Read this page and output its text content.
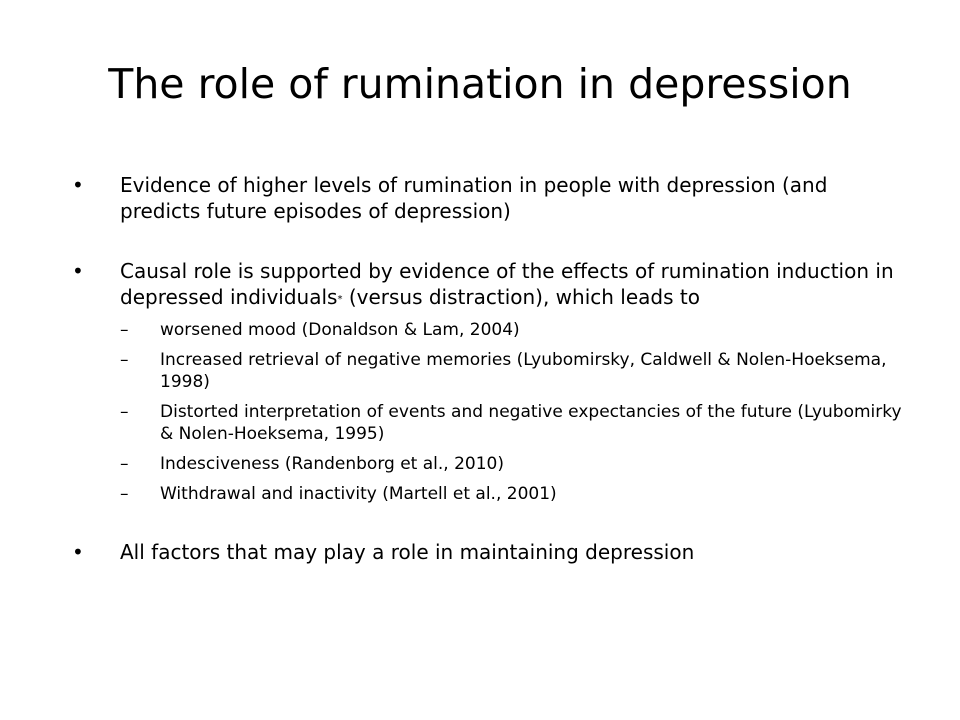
The role of rumination in depression
• Evidence of higher levels of rumination in people with depression (and predicts future episodes of depression)
• Causal role is supported by evidence of the effects of rumination induction in depressed individuals* (versus distraction), which leads to
– worsened mood (Donaldson & Lam, 2004)
– Increased retrieval of negative memories (Lyubomirsky, Caldwell & Nolen-Hoeksema, 1998)
– Distorted interpretation of events and negative expectancies of the future (Lyubomirky & Nolen-Hoeksema, 1995)
– Indesciveness (Randenborg et al., 2010)
– Withdrawal and inactivity (Martell et al., 2001)
• All factors that may play a role in maintaining depression
